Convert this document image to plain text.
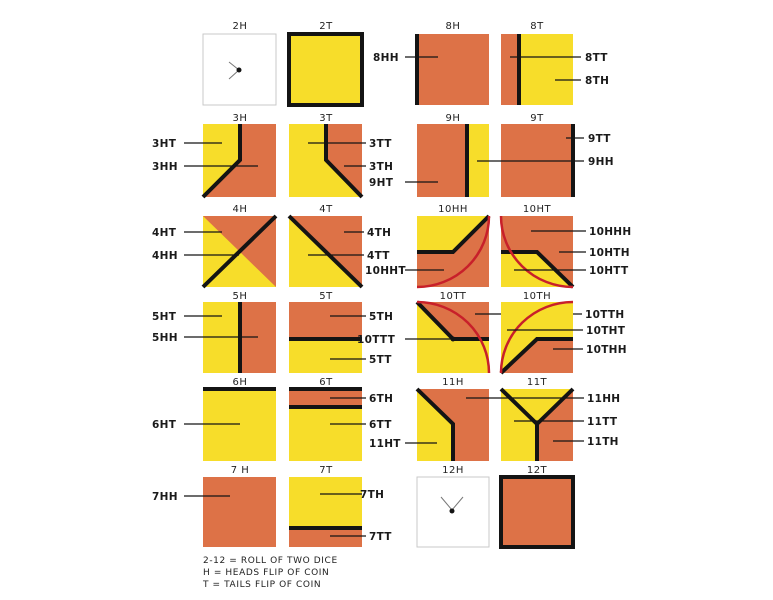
2H	2T	8H
8HH
8T
8TT
8TH
3H
3HT
3HH
3T
3TT
3TH
9H
9HT
9T
9TT
9HH
4H
4HT
4HH
4T
4TH
4TT
10HH
10HHT
10HT
10HHH
10HTH
10HTT
5H
5HT
5HH
5T
5TH
5TT
10TT
10TTT
10TTH
10TH
10THT
10THH
6H
6HT
6T
6TH
6TT
11H
11HT
11T
11HH
11TT
11TH
7 H
7HH
7T
7TH
7TT
12H	12T
2-12 = ROLL OF TWO DICE
H = HEADS FLIP OF COIN
T = TAILS FLIP OF COIN
